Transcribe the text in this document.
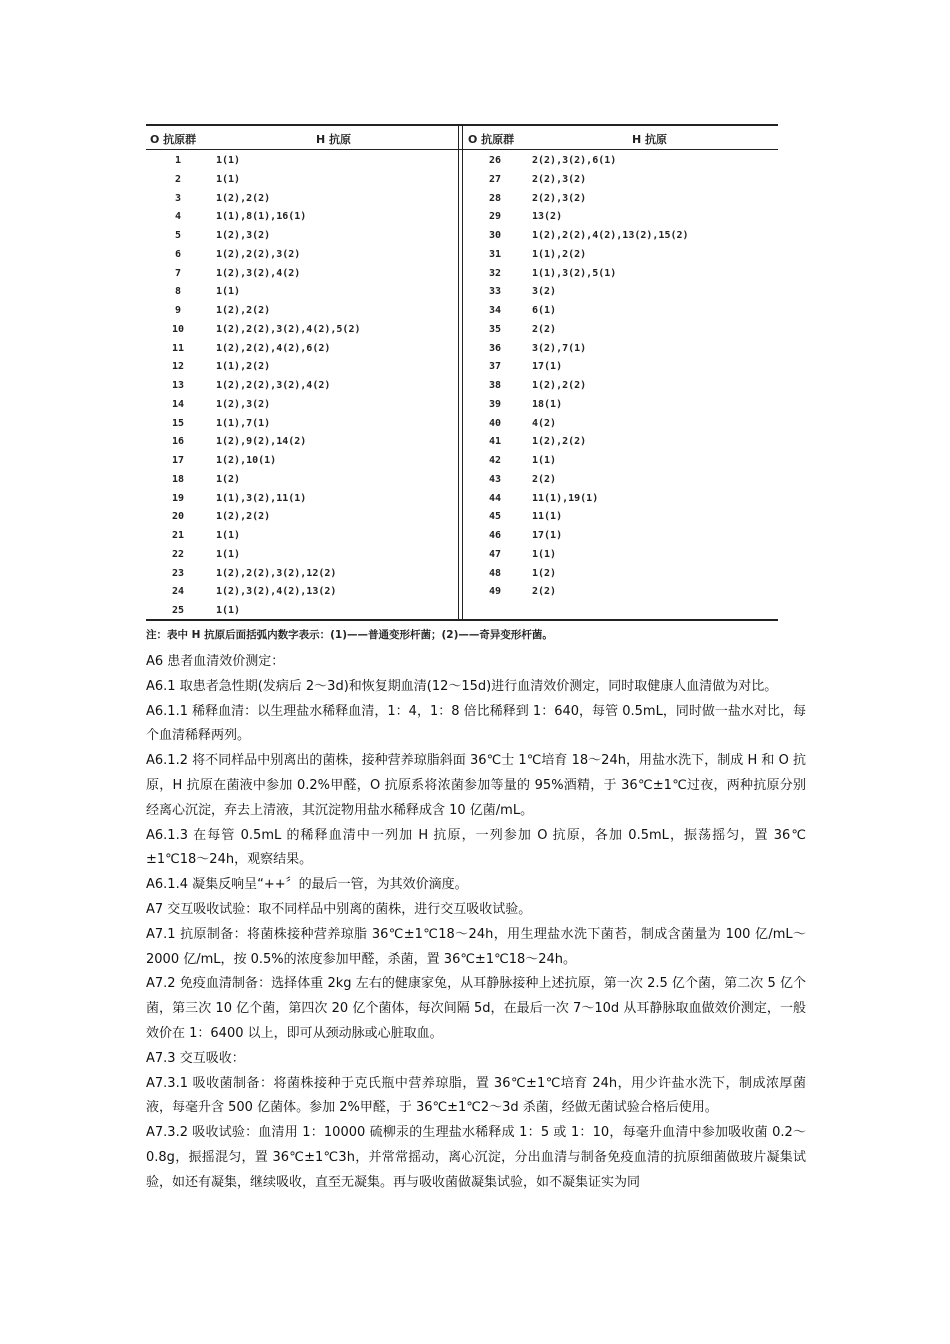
O 抗原群	H 抗原	O 抗原群	H 抗原
1	1(1)
2	1(1)
3	1(2),2(2)
4	1(1),8(1),16(1)
5	1(2),3(2)
6	1(2),2(2),3(2)
7	1(2),3(2),4(2)
8	1(1)
9	1(2),2(2)
10	1(2),2(2),3(2),4(2),5(2)
11	1(2),2(2),4(2),6(2)
12	1(1),2(2)
13	1(2),2(2),3(2),4(2)
14	1(2),3(2)
15	1(1),7(1)
16	1(2),9(2),14(2)
17	1(2),10(1)
18	1(2)
19	1(1),3(2),11(1)
20	1(2),2(2)
21	1(1)
22	1(1)
23	1(2),2(2),3(2),12(2)
24	1(2),3(2),4(2),13(2)
25	1(1)
26	2(2),3(2),6(1)
27	2(2),3(2)
28	2(2),3(2)
29	13(2)
30	1(2),2(2),4(2),13(2),15(2)
31	1(1),2(2)
32	1(1),3(2),5(1)
33	3(2)
34	6(1)
35	2(2)
36	3(2),7(1)
37	17(1)
38	1(2),2(2)
39	18(1)
40	4(2)
41	1(2),2(2)
42	1(1)
43	2(2)
44	11(1),19(1)
45	11(1)
46	17(1)
47	1(1)
48	1(2)
49	2(2)
注：表中 H 抗原后面括弧内数字表示：(1)——普通变形杆菌；(2)——奇异变形杆菌。

A6 患者血清效价测定：

A6.1 取患者急性期(发病后 2～3d)和恢复期血清(12～15d)进行血清效价测定，同时取健康人血清做为对比。

A6.1.1 稀释血清：以生理盐水稀释血清，1：4，1：8 倍比稀释到 1：640，每管 0.5mL，同时做一盐水对比，每个血清稀释两列。

A6.1.2 将不同样品中别离出的菌株，接种营养琼脂斜面 36℃士 1℃培育 18～24h，用盐水洗下，制成 H 和 O 抗原，H 抗原在菌液中参加 0.2%甲醛，O 抗原系将浓菌参加等量的 95%酒精，于 36℃±1℃过夜，两种抗原分别经离心沉淀，弃去上清液，其沉淀物用盐水稀释成含 10 亿菌/mL。

A6.1.3 在每管 0.5mL 的稀释血清中一列加 H 抗原，一列参加 O 抗原，各加 0.5mL，振荡摇匀，置 36℃±1℃18～24h，观察结果。

A6.1.4 凝集反响呈“++〞的最后一管，为其效价滴度。

A7 交互吸收试验：取不同样品中别离的菌株，进行交互吸收试验。

A7.1 抗原制备：将菌株接种营养琼脂 36℃±1℃18～24h，用生理盐水洗下菌苔，制成含菌量为 100 亿/mL～2000 亿/mL，按 0.5%的浓度参加甲醛，杀菌，置 36℃±1℃18～24h。

A7.2 免疫血清制备：选择体重 2kg 左右的健康家兔，从耳静脉接种上述抗原，第一次 2.5 亿个菌，第二次 5 亿个菌，第三次 10 亿个菌，第四次 20 亿个菌体，每次间隔 5d，在最后一次 7～10d 从耳静脉取血做效价测定，一般效价在 1：6400 以上，即可从颈动脉或心脏取血。

A7.3 交互吸收：

A7.3.1 吸收菌制备：将菌株接种于克氏瓶中营养琼脂，置 36℃±1℃培育 24h，用少许盐水洗下，制成浓厚菌液，每毫升含 500 亿菌体。参加 2%甲醛，于 36℃±1℃2～3d 杀菌，经做无菌试验合格后使用。

A7.3.2 吸收试验：血清用 1：10000 硫柳汞的生理盐水稀释成 1：5 或 1：10，每毫升血清中参加吸收菌 0.2～0.8g，振摇混匀，置 36℃±1℃3h，并常常摇动，离心沉淀，分出血清与制备免疫血清的抗原细菌做玻片凝集试验，如还有凝集，继续吸收，直至无凝集。再与吸收菌做凝集试验，如不凝集证实为同
